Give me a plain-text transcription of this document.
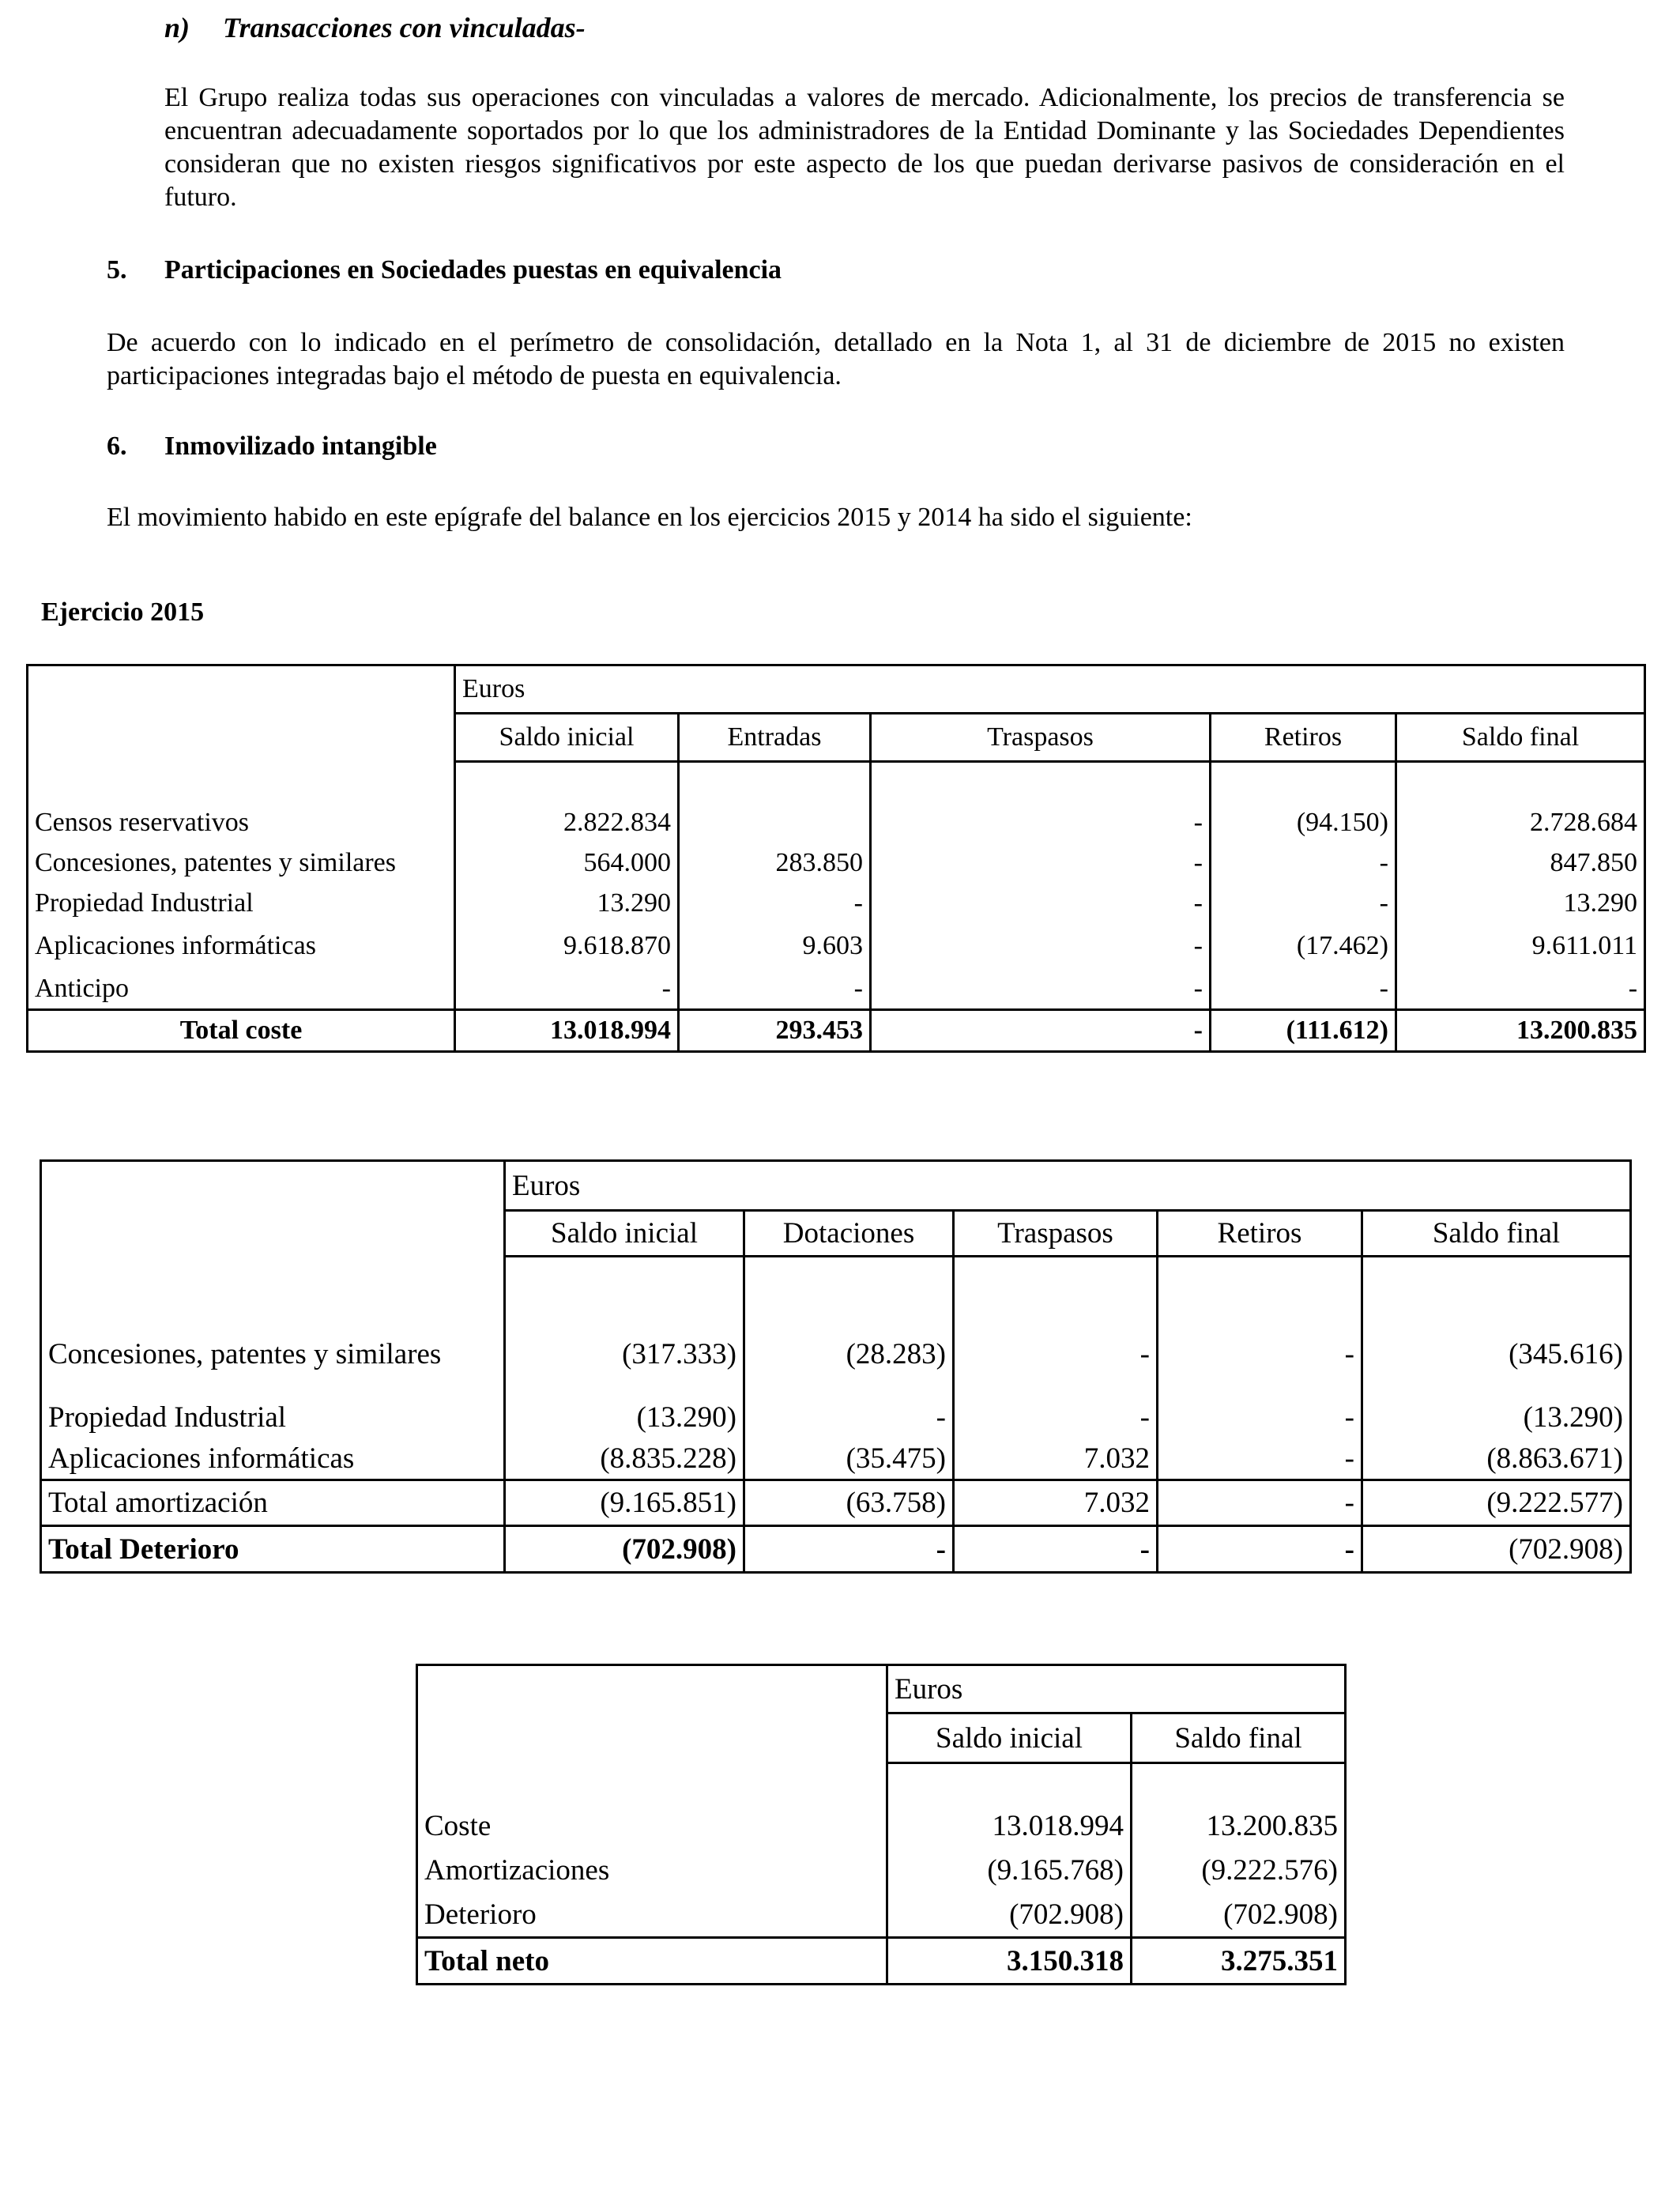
n) Transacciones con vinculadas-
El Grupo realiza todas sus operaciones con vinculadas a valores de mercado. Adicionalmente, los precios de transferencia se encuentran adecuadamente soportados por lo que los administradores de la Entidad Dominante y las Sociedades Dependientes consideran que no existen riesgos significativos por este aspecto de los que puedan derivarse pasivos de consideración en el futuro.
5. Participaciones en Sociedades puestas en equivalencia
De acuerdo con lo indicado en el perímetro de consolidación, detallado en la Nota 1, al 31 de diciembre de 2015 no existen participaciones integradas bajo el método de puesta en equivalencia.
6. Inmovilizado intangible
El movimiento habido en este epígrafe del balance en los ejercicios 2015 y 2014 ha sido el siguiente:
Ejercicio 2015
	Euros				
	Saldo inicial	Entradas	Traspasos	Retiros	Saldo final

Censos reservativos	2.822.834		-	(94.150)	2.728.684
Concesiones, patentes y similares	564.000	283.850	-	-	847.850
Propiedad Industrial	13.290	-	-	-	13.290
Aplicaciones informáticas	9.618.870	9.603	-	(17.462)	9.611.011
Anticipo	-	-	-	-	-
Total coste	13.018.994	293.453	-	(111.612)	13.200.835
	Euros				
	Saldo inicial	Dotaciones	Traspasos	Retiros	Saldo final

Concesiones, patentes y similares	(317.333)	(28.283)	-	-	(345.616)
Propiedad Industrial	(13.290)	-	-	-	(13.290)
Aplicaciones informáticas	(8.835.228)	(35.475)	7.032	-	(8.863.671)
Total amortización	(9.165.851)	(63.758)	7.032	-	(9.222.577)
Total Deterioro	(702.908)	-	-	-	(702.908)
	Euros	
	Saldo inicial	Saldo final

Coste	13.018.994	13.200.835
Amortizaciones	(9.165.768)	(9.222.576)
Deterioro	(702.908)	(702.908)
Total neto	3.150.318	3.275.351
